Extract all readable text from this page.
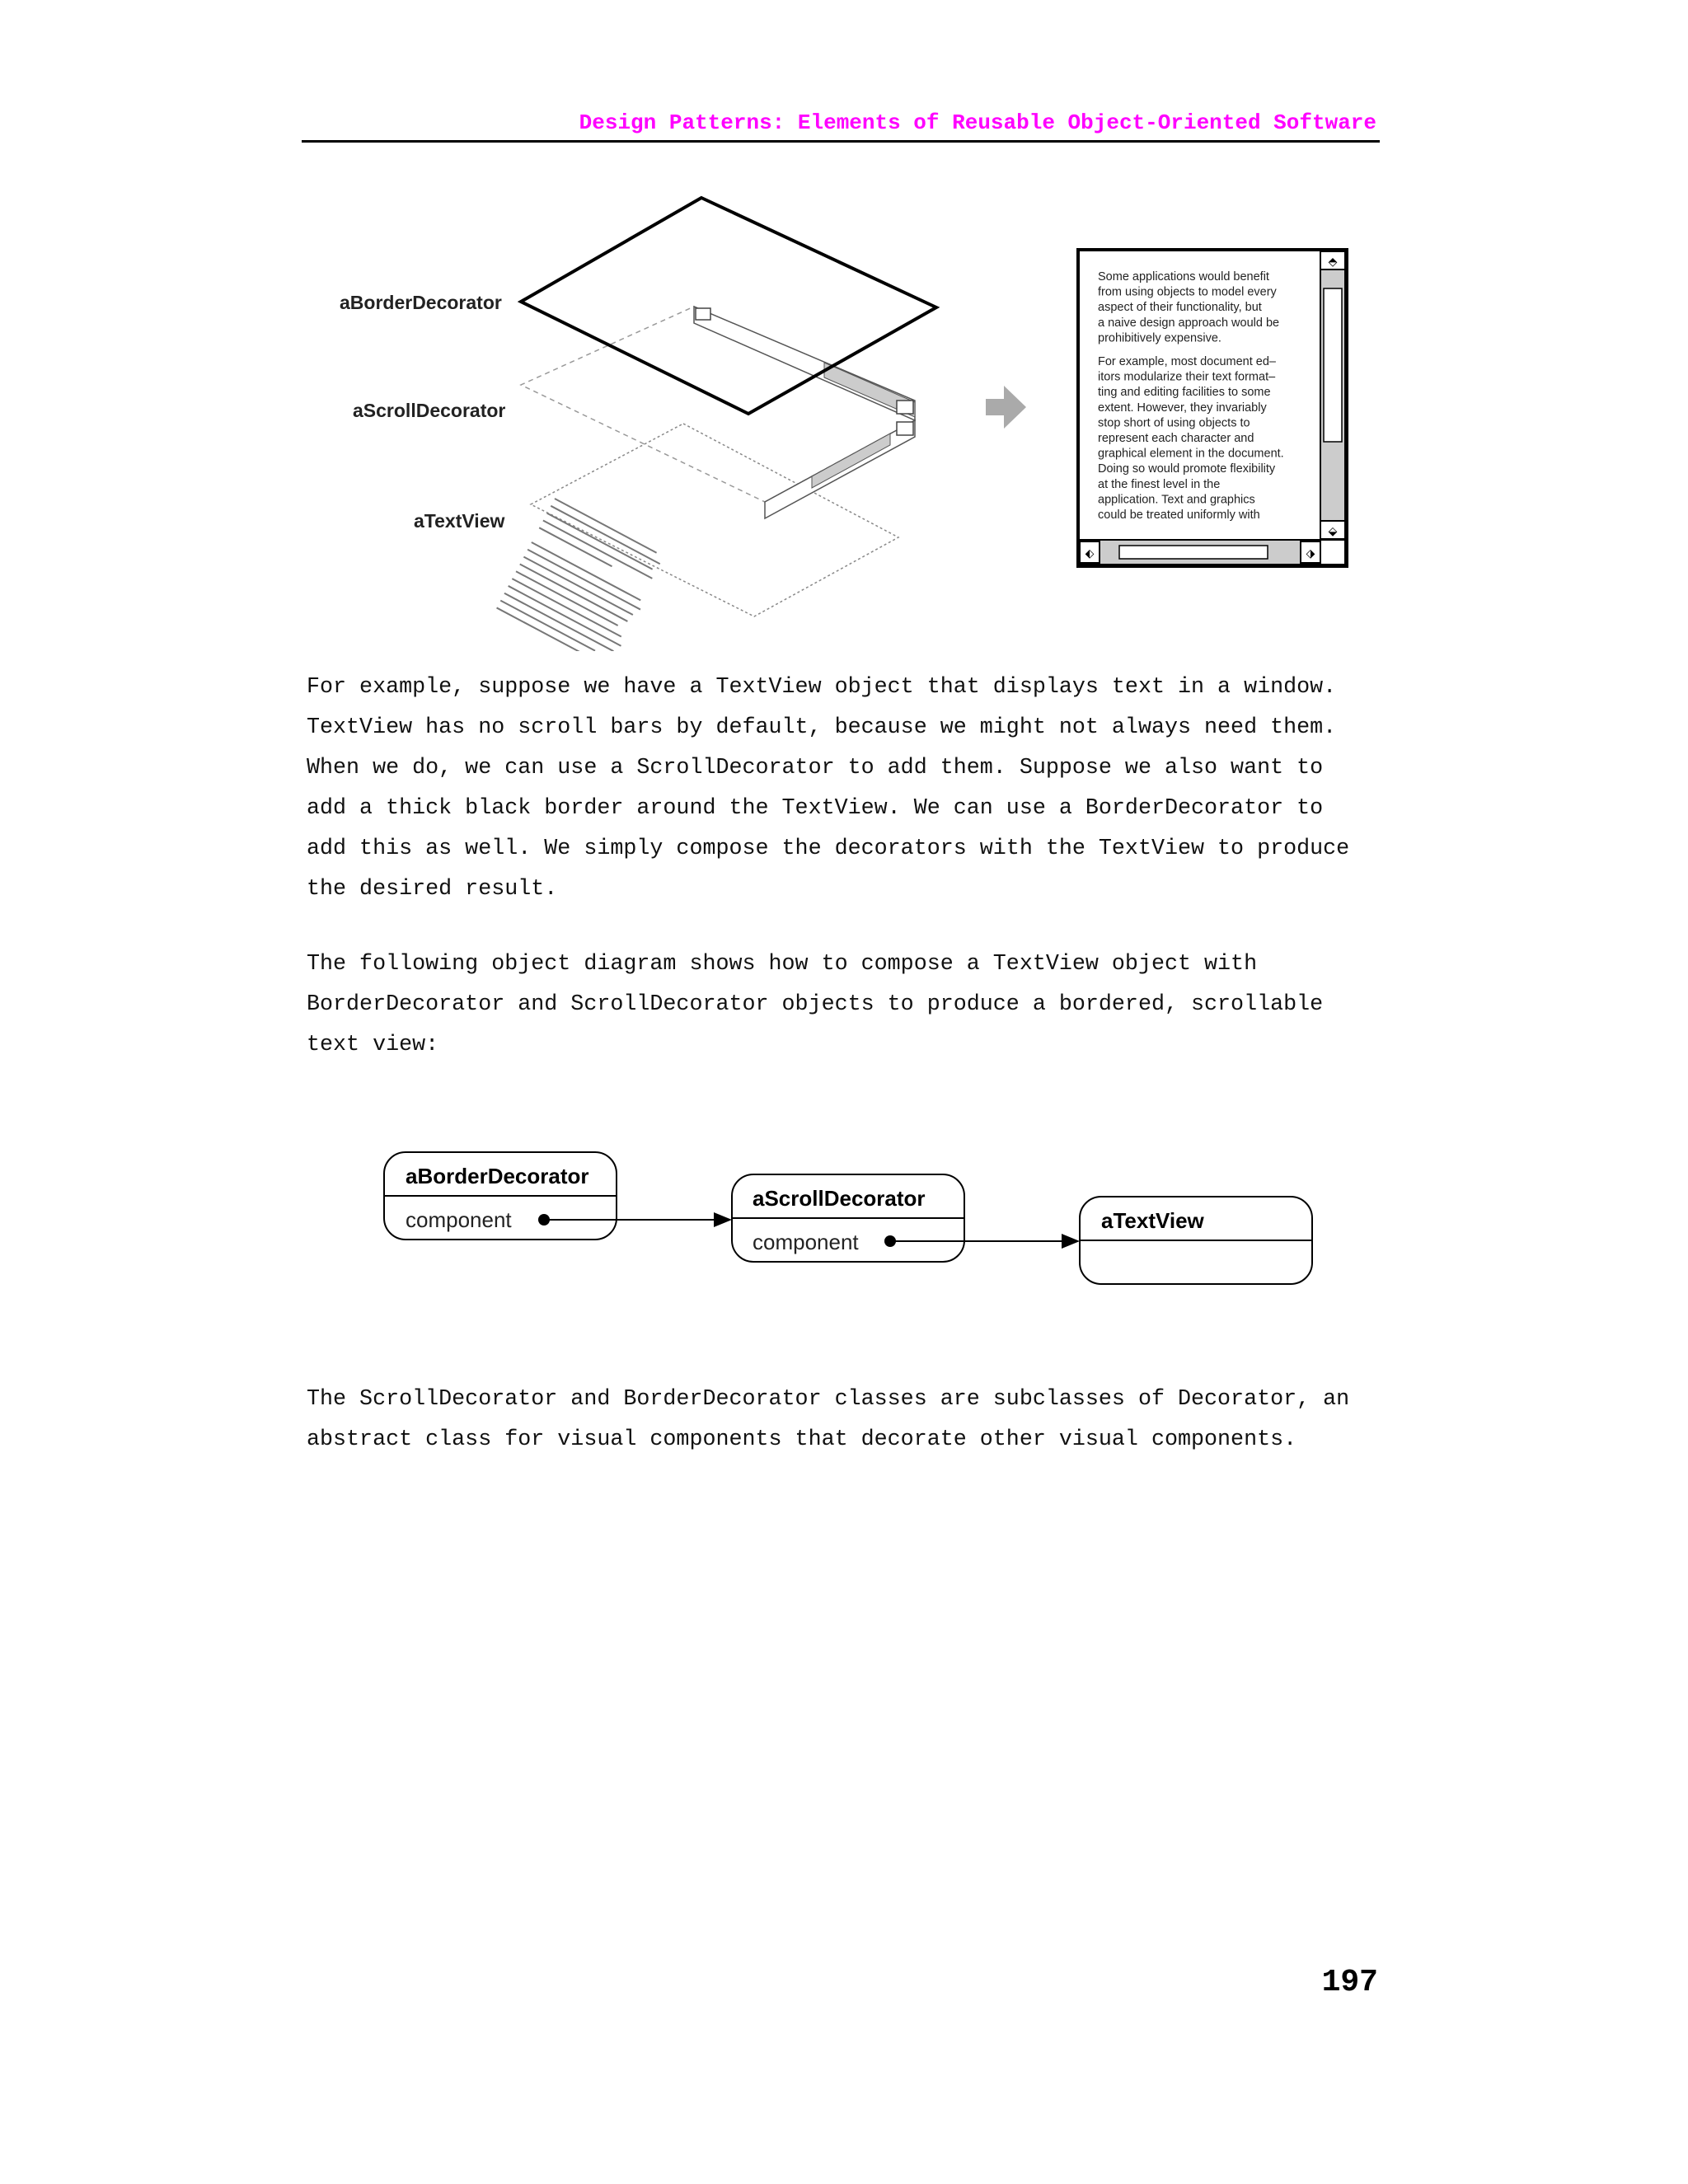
Design Patterns: Elements of Reusable Object-Oriented Software
aBorderDecorator
aScrollDecorator
aTextView
⬘
⬙
⬖	⬗
Some applications would benefit
from using objects to model every
aspect of their functionality, but
a naive design approach would be
prohibitively expensive.
For example, most document ed–
itors modularize their text format–
ting and editing facilities to some
extent. However, they invariably
stop short of using objects to
represent each character and
graphical element in the document.
Doing so would promote flexibility
at the finest level in the
application. Text and graphics
could be treated uniformly with

For example, suppose we have a TextView object that displays text in a window.
TextView has no scroll bars by default, because we might not always need them.
When we do, we can use a ScrollDecorator to add them. Suppose we also want to
add a thick black border around the TextView. We can use a BorderDecorator to
add this as well. We simply compose the decorators with the TextView to produce
the desired result.

The following object diagram shows how to compose a TextView object with
BorderDecorator and ScrollDecorator objects to produce a bordered, scrollable
text view:

aBorderDecorator
component
aScrollDecorator
component
aTextView

The ScrollDecorator and BorderDecorator classes are subclasses of Decorator, an
abstract class for visual components that decorate other visual components.

197
